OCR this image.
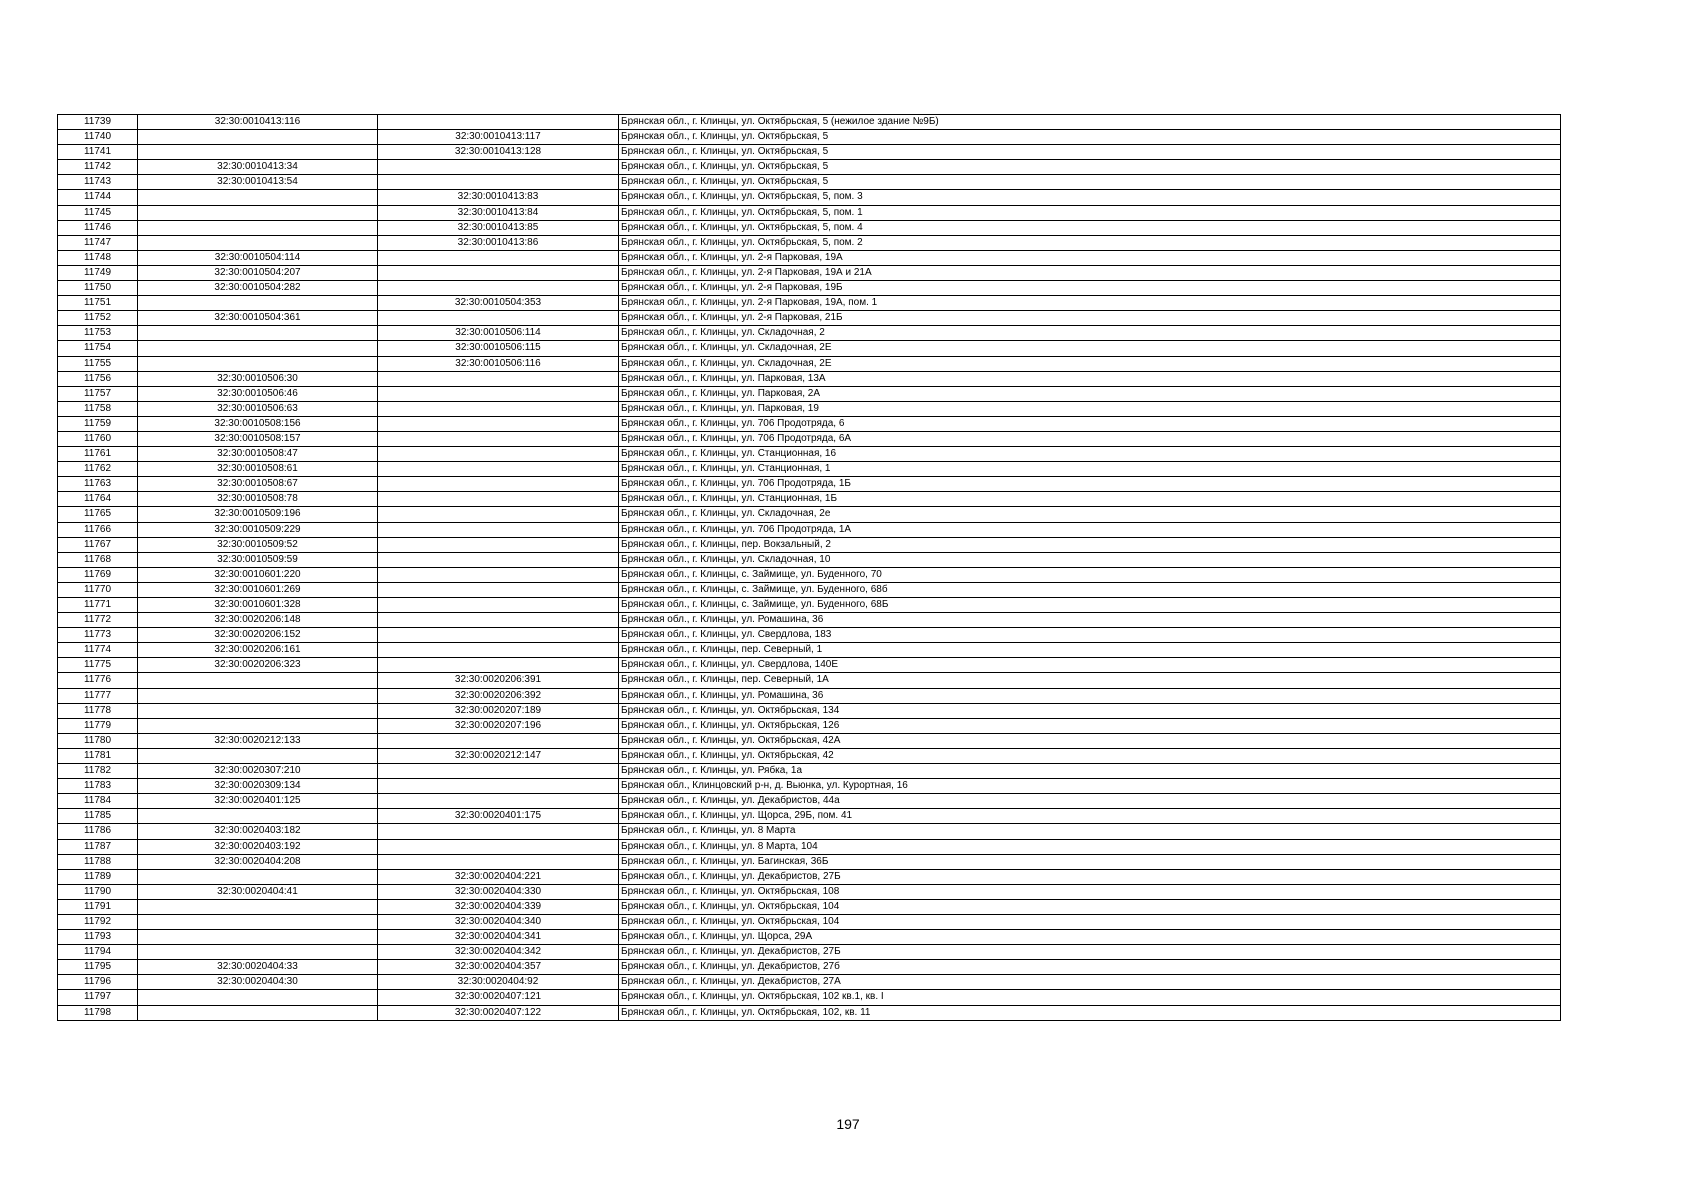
11739	32:30:0010413:116		Брянская обл., г. Клинцы, ул. Октябрьская, 5 (нежилое здание №9Б)
11740		32:30:0010413:117	Брянская обл., г. Клинцы, ул. Октябрьская, 5
11741		32:30:0010413:128	Брянская обл., г. Клинцы, ул. Октябрьская, 5
11742	32:30:0010413:34		Брянская обл., г. Клинцы, ул. Октябрьская, 5
11743	32:30:0010413:54		Брянская обл., г. Клинцы, ул. Октябрьская, 5
11744		32:30:0010413:83	Брянская обл., г. Клинцы, ул. Октябрьская, 5, пом. 3
11745		32:30:0010413:84	Брянская обл., г. Клинцы, ул. Октябрьская, 5, пом. 1
11746		32:30:0010413:85	Брянская обл., г. Клинцы, ул. Октябрьская, 5, пом. 4
11747		32:30:0010413:86	Брянская обл., г. Клинцы, ул. Октябрьская, 5, пом. 2
11748	32:30:0010504:114		Брянская обл., г. Клинцы, ул. 2-я Парковая, 19А
11749	32:30:0010504:207		Брянская обл., г. Клинцы, ул. 2-я Парковая, 19А и 21А
11750	32:30:0010504:282		Брянская обл., г. Клинцы, ул. 2-я Парковая, 19Б
11751		32:30:0010504:353	Брянская обл., г. Клинцы, ул. 2-я Парковая, 19А, пом. 1
11752	32:30:0010504:361		Брянская обл., г. Клинцы, ул. 2-я Парковая, 21Б
11753		32:30:0010506:114	Брянская обл., г. Клинцы, ул. Складочная, 2
11754		32:30:0010506:115	Брянская обл., г. Клинцы, ул. Складочная, 2Е
11755		32:30:0010506:116	Брянская обл., г. Клинцы, ул. Складочная, 2Е
11756	32:30:0010506:30		Брянская обл., г. Клинцы, ул. Парковая, 13А
11757	32:30:0010506:46		Брянская обл., г. Клинцы, ул. Парковая, 2А
11758	32:30:0010506:63		Брянская обл., г. Клинцы, ул. Парковая, 19
11759	32:30:0010508:156		Брянская обл., г. Клинцы, ул. 706 Продотряда, 6
11760	32:30:0010508:157		Брянская обл., г. Клинцы, ул. 706 Продотряда, 6А
11761	32:30:0010508:47		Брянская обл., г. Клинцы, ул. Станционная, 16
11762	32:30:0010508:61		Брянская обл., г. Клинцы, ул. Станционная, 1
11763	32:30:0010508:67		Брянская обл., г. Клинцы, ул. 706 Продотряда, 1Б
11764	32:30:0010508:78		Брянская обл., г. Клинцы, ул. Станционная, 1Б
11765	32:30:0010509:196		Брянская обл., г. Клинцы, ул. Складочная, 2е
11766	32:30:0010509:229		Брянская обл., г. Клинцы, ул. 706 Продотряда, 1А
11767	32:30:0010509:52		Брянская обл., г. Клинцы, пер. Вокзальный, 2
11768	32:30:0010509:59		Брянская обл., г. Клинцы, ул. Складочная, 10
11769	32:30:0010601:220		Брянская обл., г. Клинцы, с. Займище, ул. Буденного, 70
11770	32:30:0010601:269		Брянская обл., г. Клинцы, с. Займище, ул. Буденного, 68б
11771	32:30:0010601:328		Брянская обл., г. Клинцы, с. Займище, ул. Буденного, 68Б
11772	32:30:0020206:148		Брянская обл., г. Клинцы, ул. Ромашина, 36
11773	32:30:0020206:152		Брянская обл., г. Клинцы, ул. Свердлова, 183
11774	32:30:0020206:161		Брянская обл., г. Клинцы, пер. Северный, 1
11775	32:30:0020206:323		Брянская обл., г. Клинцы, ул. Свердлова, 140Е
11776		32:30:0020206:391	Брянская обл., г. Клинцы, пер. Северный, 1А
11777		32:30:0020206:392	Брянская обл., г. Клинцы, ул. Ромашина, 36
11778		32:30:0020207:189	Брянская обл., г. Клинцы, ул. Октябрьская, 134
11779		32:30:0020207:196	Брянская обл., г. Клинцы, ул. Октябрьская, 126
11780	32:30:0020212:133		Брянская обл., г. Клинцы, ул. Октябрьская, 42А
11781		32:30:0020212:147	Брянская обл., г. Клинцы, ул. Октябрьская, 42
11782	32:30:0020307:210		Брянская обл., г. Клинцы, ул. Рябка, 1а
11783	32:30:0020309:134		Брянская обл., Клинцовский р-н, д. Вьюнка, ул. Курортная, 16
11784	32:30:0020401:125		Брянская обл., г. Клинцы, ул. Декабристов, 44а
11785		32:30:0020401:175	Брянская обл., г. Клинцы, ул. Щорса, 29Б, пом. 41
11786	32:30:0020403:182		Брянская обл., г. Клинцы, ул. 8 Марта
11787	32:30:0020403:192		Брянская обл., г. Клинцы, ул. 8 Марта, 104
11788	32:30:0020404:208		Брянская обл., г. Клинцы, ул. Багинская, 36Б
11789		32:30:0020404:221	Брянская обл., г. Клинцы, ул. Декабристов, 27Б
11790	32:30:0020404:41	32:30:0020404:330	Брянская обл., г. Клинцы, ул. Октябрьская, 108
11791		32:30:0020404:339	Брянская обл., г. Клинцы, ул. Октябрьская, 104
11792		32:30:0020404:340	Брянская обл., г. Клинцы, ул. Октябрьская, 104
11793		32:30:0020404:341	Брянская обл., г. Клинцы, ул. Щорса, 29А
11794		32:30:0020404:342	Брянская обл., г. Клинцы, ул. Декабристов, 27Б
11795	32:30:0020404:33	32:30:0020404:357	Брянская обл., г. Клинцы, ул. Декабристов, 27б
11796	32:30:0020404:30	32:30:0020404:92	Брянская обл., г. Клинцы, ул. Декабристов, 27А
11797		32:30:0020407:121	Брянская обл., г. Клинцы, ул. Октябрьская, 102 кв.1, кв. I
11798		32:30:0020407:122	Брянская обл., г. Клинцы, ул. Октябрьская, 102, кв. 11
197
